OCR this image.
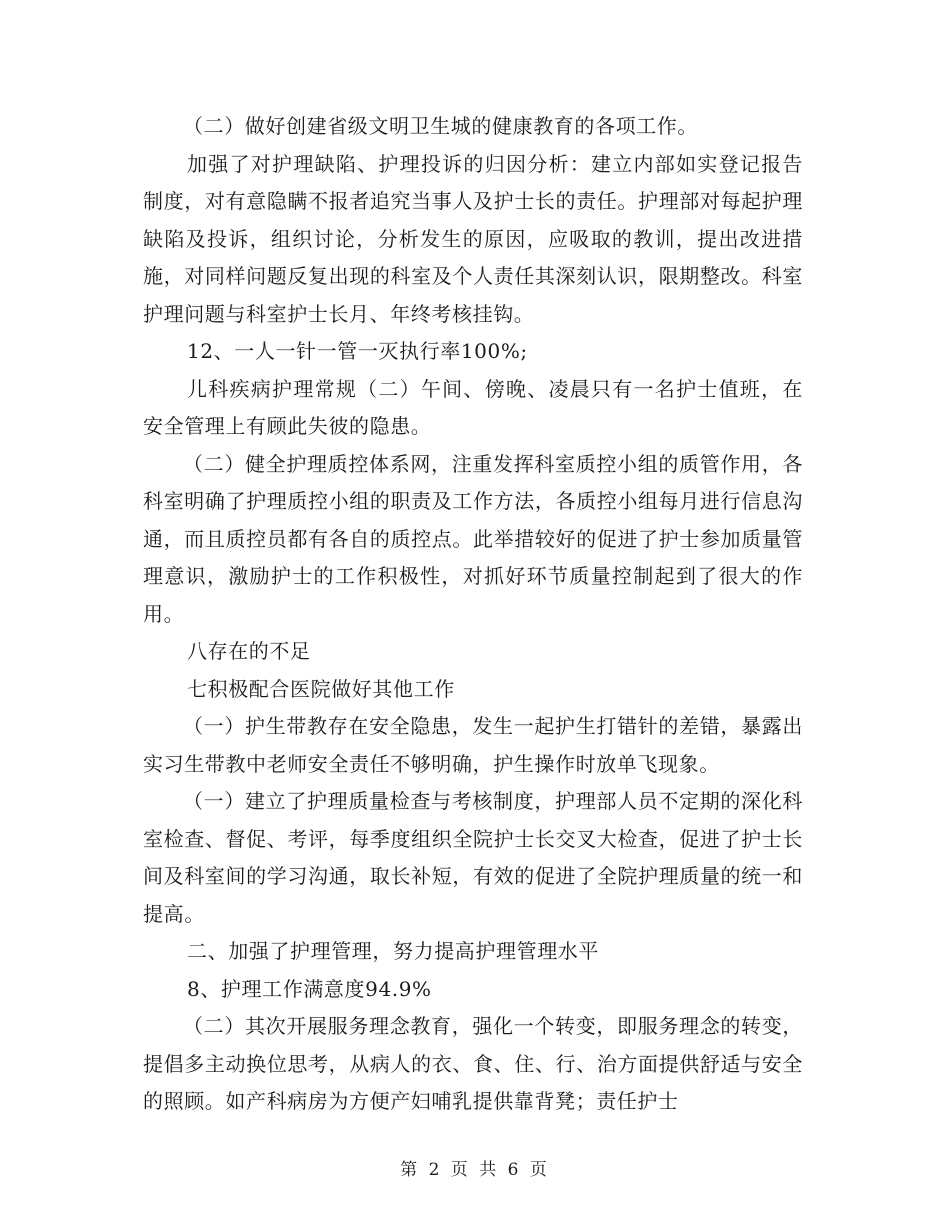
（二）做好创建省级文明卫生城的健康教育的各项工作。

加强了对护理缺陷、护理投诉的归因分析：建立内部如实登记报告制度，对有意隐瞒不报者追究当事人及护士长的责任。护理部对每起护理缺陷及投诉，组织讨论，分析发生的原因，应吸取的教训，提出改进措施，对同样问题反复出现的科室及个人责任其深刻认识，限期整改。科室护理问题与科室护士长月、年终考核挂钩。

12、一人一针一管一灭执行率100%;

儿科疾病护理常规（二）午间、傍晚、凌晨只有一名护士值班，在安全管理上有顾此失彼的隐患。

（二）健全护理质控体系网，注重发挥科室质控小组的质管作用，各科室明确了护理质控小组的职责及工作方法，各质控小组每月进行信息沟通，而且质控员都有各自的质控点。此举措较好的促进了护士参加质量管理意识，激励护士的工作积极性，对抓好环节质量控制起到了很大的作用。

八存在的不足

七积极配合医院做好其他工作

（一）护生带教存在安全隐患，发生一起护生打错针的差错，暴露出实习生带教中老师安全责任不够明确，护生操作时放单飞现象。

（一）建立了护理质量检查与考核制度，护理部人员不定期的深化科室检查、督促、考评，每季度组织全院护士长交叉大检查，促进了护士长间及科室间的学习沟通，取长补短，有效的促进了全院护理质量的统一和提高。

二、加强了护理管理，努力提高护理管理水平

8、护理工作满意度94.9%

（二）其次开展服务理念教育，强化一个转变，即服务理念的转变，提倡多主动换位思考，从病人的衣、食、住、行、治方面提供舒适与安全的照顾。如产科病房为方便产妇哺乳提供靠背凳；责任护士

第 2 页 共 6 页
